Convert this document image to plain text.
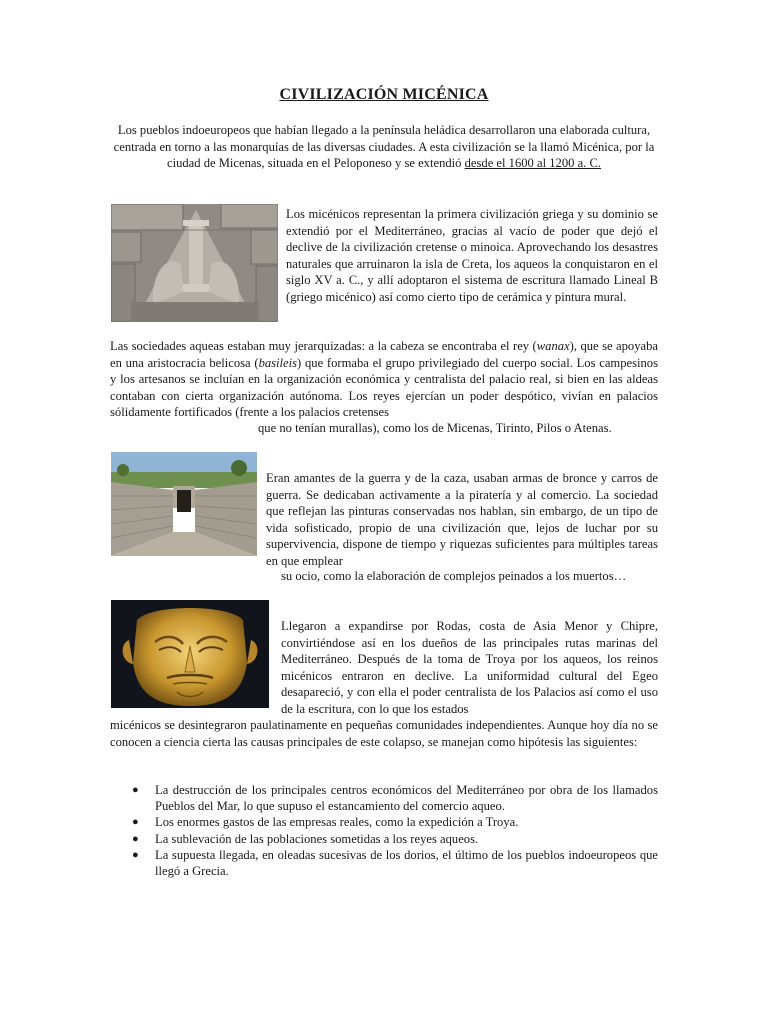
CIVILIZACIÓN MICÉNICA

Los pueblos indoeuropeos que habían llegado a la península heládica desarrollaron una elaborada cultura, centrada en torno a las monarquías de las diversas ciudades. A esta civilización se la llamó Micénica, por la ciudad de Micenas, situada en el Peloponeso y se extendió desde el 1600 al 1200 a. C.

Los micénicos representan la primera civilización griega y su dominio se extendió por el Mediterráneo, gracias al vacío de poder que dejó el declive de la civilización cretense o minoica. Aprovechando los desastres naturales que arruinaron la isla de Creta, los aqueos la conquistaron en el siglo XV a. C., y allí adoptaron el sistema de escritura llamado Lineal B (griego micénico) así como cierto tipo de cerámica y pintura mural.

Las sociedades aqueas estaban muy jerarquizadas: a la cabeza se encontraba el rey (wanax), que se apoyaba en una aristocracia belicosa (basileis) que formaba el grupo privilegiado del cuerpo social. Los campesinos y los artesanos se incluían en la organización económica y centralista del palacio real, si bien en las aldeas contaban con cierta organización autónoma. Los reyes ejercían un poder despótico, vivían en palacios sólidamente fortificados (frente a los palacios cretenses

que no tenían murallas), como los de Micenas, Tirinto, Pilos o Atenas.

Eran amantes de la guerra y de la caza, usaban armas de bronce y carros de guerra. Se dedicaban activamente a la piratería y al comercio. La sociedad que reflejan las pinturas conservadas nos hablan, sin embargo, de un tipo de vida sofisticado, propio de una civilización que, lejos de luchar por su supervivencia, dispone de tiempo y riquezas suficientes para múltiples tareas en que emplear

su ocio, como la elaboración de complejos peinados a los muertos…

Llegaron a expandirse por Rodas, costa de Asia Menor y Chipre, convirtiéndose así en los dueños de las principales rutas marinas del Mediterráneo. Después de la toma de Troya por los aqueos, los reinos micénicos entraron en declive. La uniformidad cultural del Egeo desapareció, y con ella el poder centralista de los Palacios así como el uso de la escritura, con lo que los estados

micénicos se desintegraron paulatinamente en pequeñas comunidades independientes. Aunque hoy día no se conocen a ciencia cierta las causas principales de este colapso, se manejan como hipótesis las siguientes:

● La destrucción de los principales centros económicos del Mediterráneo por obra de los llamados Pueblos del Mar, lo que supuso el estancamiento del comercio aqueo.
● Los enormes gastos de las empresas reales, como la expedición a Troya.
● La sublevación de las poblaciones sometidas a los reyes aqueos.
● La supuesta llegada, en oleadas sucesivas de los dorios, el último de los pueblos indoeuropeos que llegó a Grecia.
